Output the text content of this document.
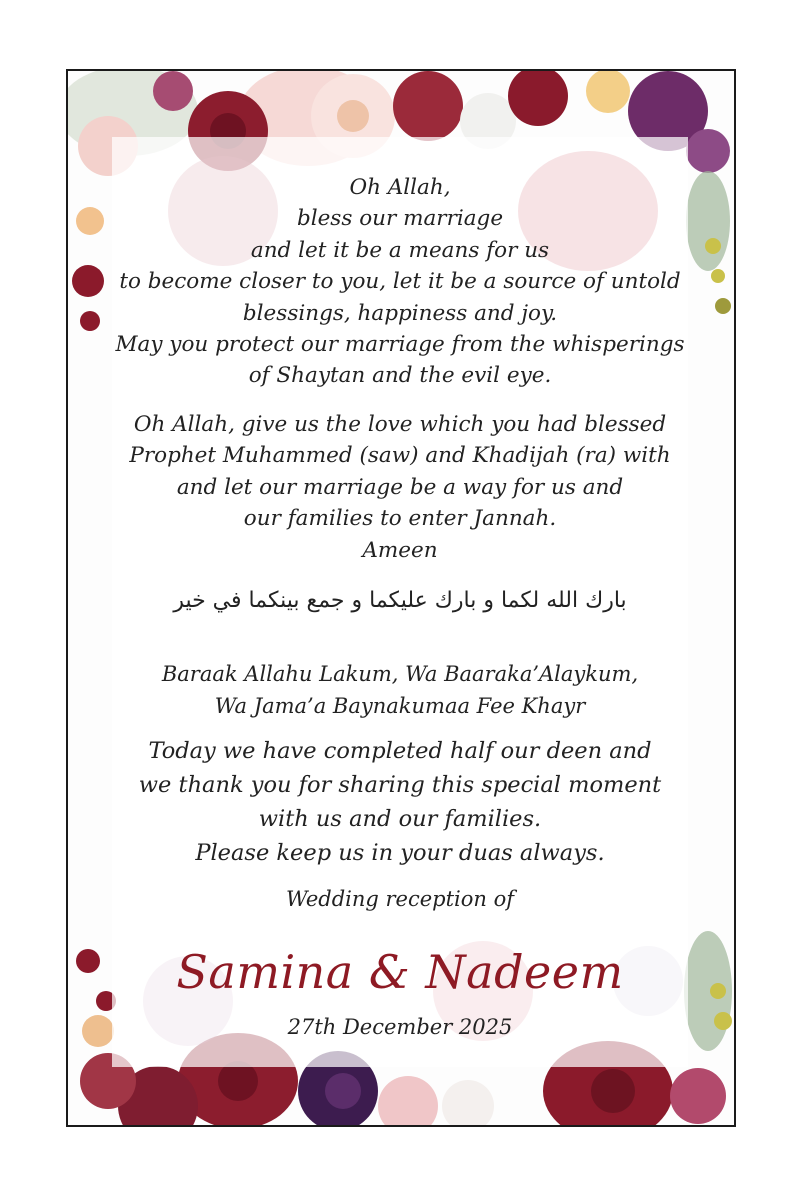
Oh Allah,
bless our marriage
and let it be a means for us
to become closer to you, let it be a source of untold
blessings, happiness and joy.
May you protect our marriage from the whisperings
of Shaytan and the evil eye.
Oh Allah, give us the love which you had blessed
Prophet Muhammed (saw) and Khadijah (ra) with
and let our marriage be a way for us and
our families to enter Jannah.
Ameen
بارك الله لكما و بارك عليكما و جمع بينكما في خير
Baraak Allahu Lakum, Wa Baaraka’Alaykum,
Wa Jama’a Baynakumaa Fee Khayr
Today we have completed half our deen and
we thank you for sharing this special moment
with us and our families.
Please keep us in your duas always.
Wedding reception of
Samina & Nadeem
27th December 2025
